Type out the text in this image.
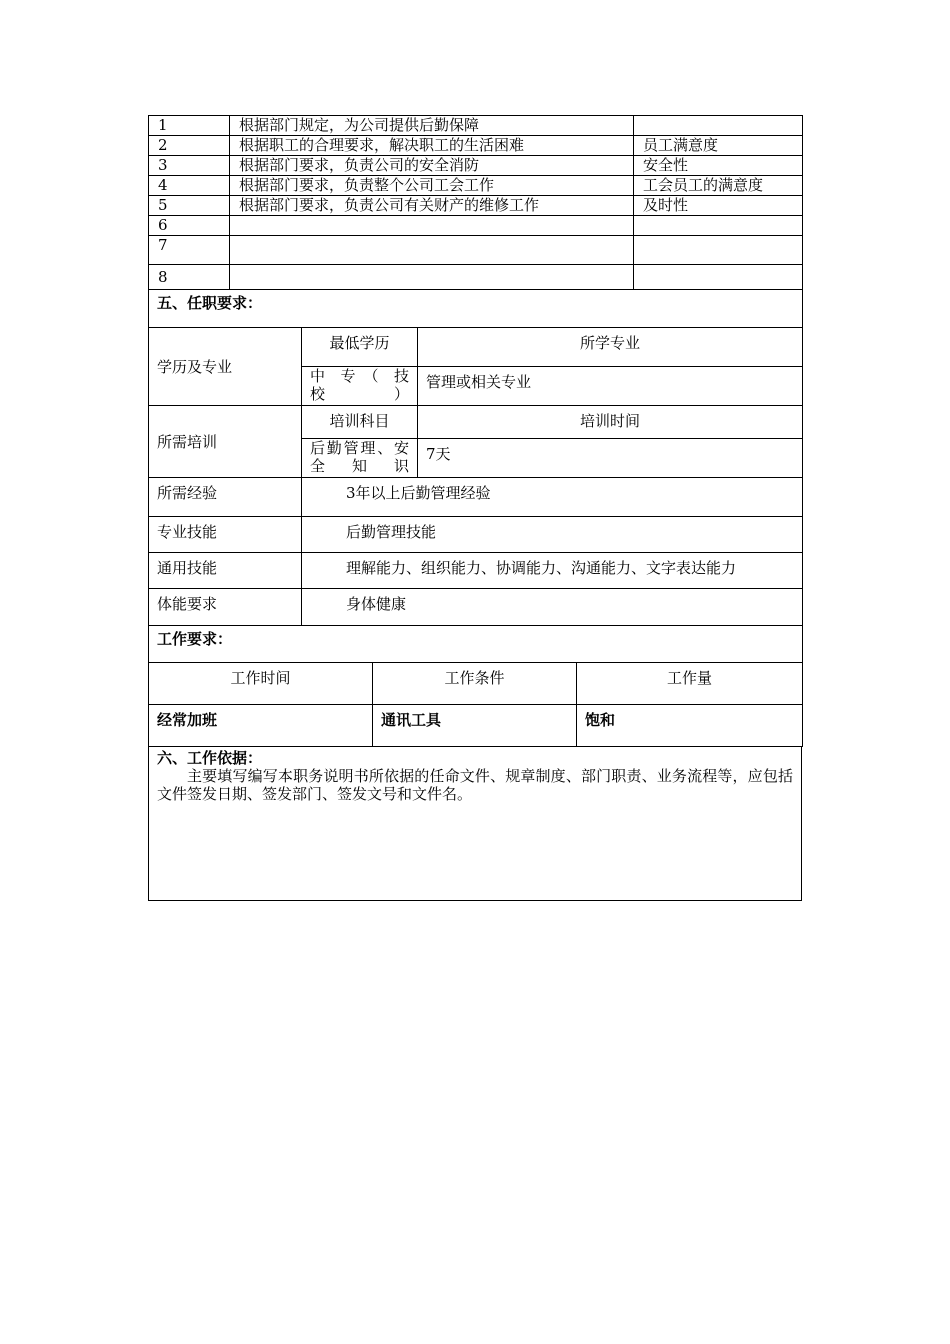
1	根据部门规定，为公司提供后勤保障	
2	根据职工的合理要求，解决职工的生活困难	员工满意度
3	根据部门要求，负责公司的安全消防	安全性
4	根据部门要求，负责整个公司工会工作	工会员工的满意度
5	根据部门要求，负责公司有关财产的维修工作	及时性
6		
7		
8		
五、任职要求：		
学历及专业	最低学历	所学专业
	中　专　（　技校）	管理或相关专业
所需培训	培训科目	培训时间
	后勤管理、安全知识	7天
所需经验	3年以上后勤管理经验	
专业技能	后勤管理技能	
通用技能	理解能力、组织能力、协调能力、沟通能力、文字表达能力	
体能要求	身体健康	
工作要求：		
工作时间	工作条件	工作量
经常加班	通讯工具	饱和
六、工作依据：
主要填写编写本职务说明书所依据的任命文件、规章制度、部门职责、业务流程等，应包括文件签发日期、签发部门、签发文号和文件名。
